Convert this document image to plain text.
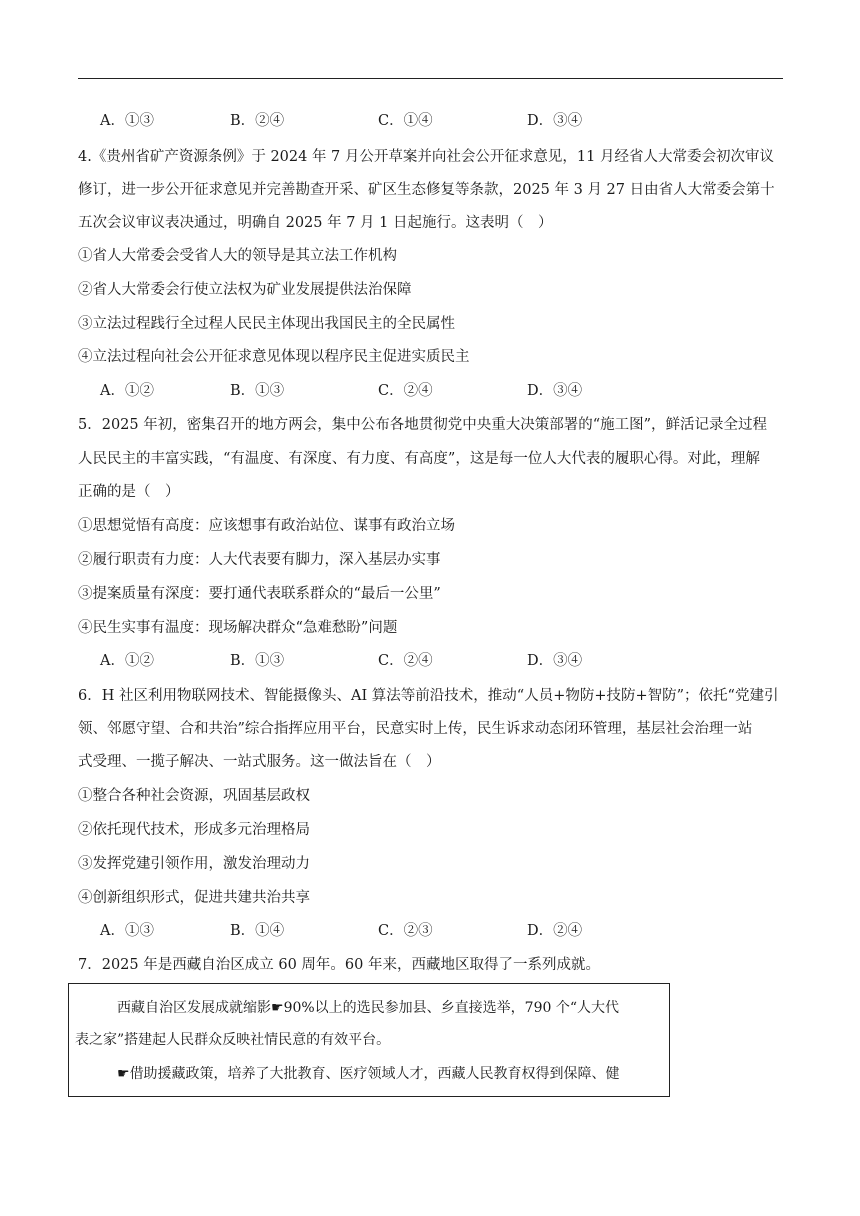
A．①③	B．②④	C．①④	D．③④
4.《贵州省矿产资源条例》于 2024 年 7 月公开草案并向社会公开征求意见，11 月经省人大常委会初次审议
修订，进一步公开征求意见并完善勘查开采、矿区生态修复等条款，2025 年 3 月 27 日由省人大常委会第十
五次会议审议表决通过，明确自 2025 年 7 月 1 日起施行。这表明（　）
①省人大常委会受省人大的领导是其立法工作机构
②省人大常委会行使立法权为矿业发展提供法治保障
③立法过程践行全过程人民民主体现出我国民主的全民属性
④立法过程向社会公开征求意见体现以程序民主促进实质民主
A．①②	B．①③	C．②④	D．③④
5．2025 年初，密集召开的地方两会，集中公布各地贯彻党中央重大决策部署的“施工图”，鲜活记录全过程
人民民主的丰富实践，“有温度、有深度、有力度、有高度”，这是每一位人大代表的履职心得。对此，理解
正确的是（　）
①思想觉悟有高度：应该想事有政治站位、谋事有政治立场
②履行职责有力度：人大代表要有脚力，深入基层办实事
③提案质量有深度：要打通代表联系群众的“最后一公里”
④民生实事有温度：现场解决群众“急难愁盼”问题
A．①②	B．①③	C．②④	D．③④
6．H 社区利用物联网技术、智能摄像头、AI 算法等前沿技术，推动“人员+物防+技防+智防”；依托“党建引
领、邻愿守望、合和共治”综合指挥应用平台，民意实时上传，民生诉求动态闭环管理，基层社会治理一站
式受理、一揽子解决、一站式服务。这一做法旨在（　）
①整合各种社会资源，巩固基层政权
②依托现代技术，形成多元治理格局
③发挥党建引领作用，激发治理动力
④创新组织形式，促进共建共治共享
A．①③	B．①④	C．②③	D．②④
7．2025 年是西藏自治区成立 60 周年。60 年来，西藏地区取得了一系列成就。
西藏自治区发展成就缩影☛90%以上的选民参加县、乡直接选举，790 个“人大代
表之家”搭建起人民群众反映社情民意的有效平台。
☛借助援藏政策，培养了大批教育、医疗领域人才，西藏人民教育权得到保障、健
